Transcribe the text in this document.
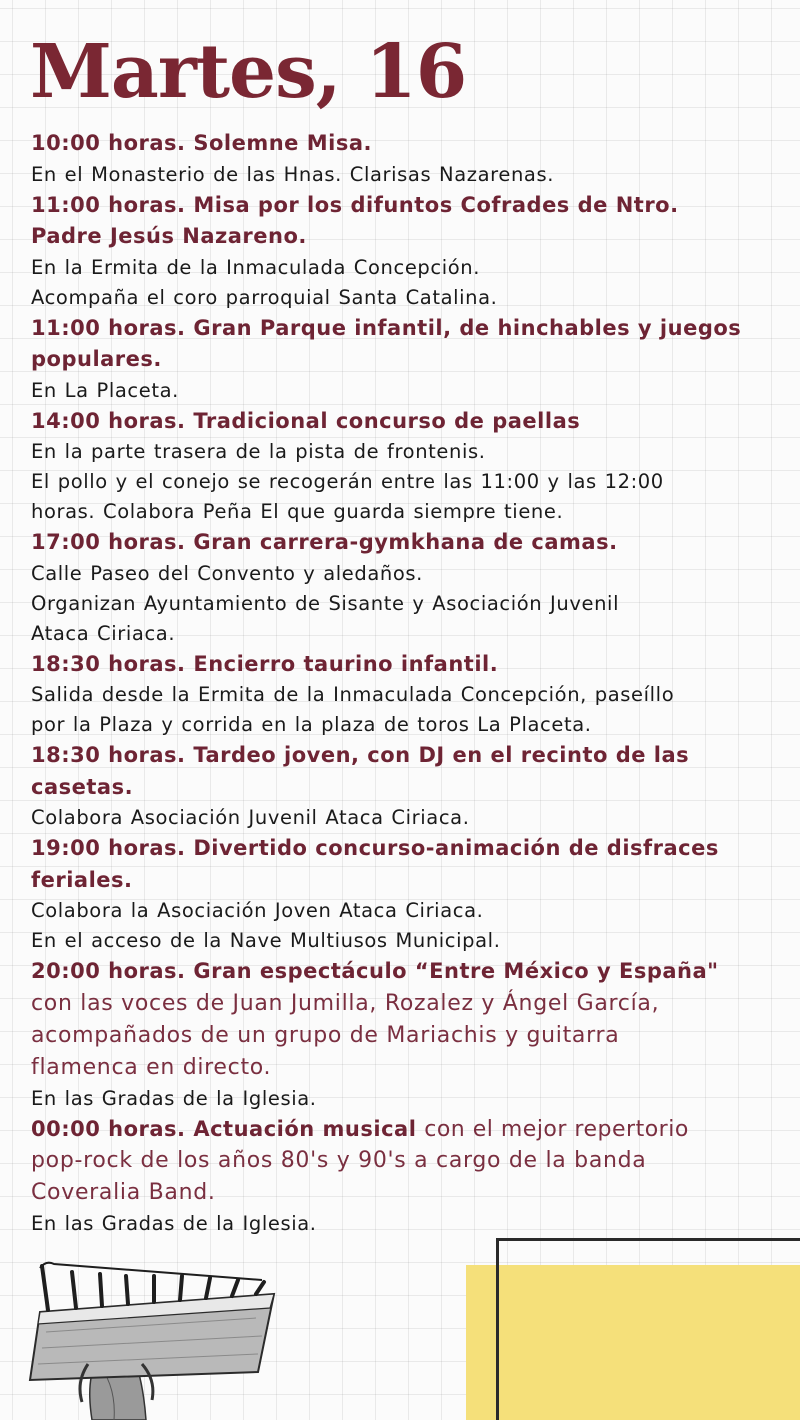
Martes, 16

10:00 horas. Solemne Misa.

En el Monasterio de las Hnas. Clarisas Nazarenas.

11:00 horas. Misa por los difuntos Cofrades de Ntro.

Padre Jesús Nazareno.

En la Ermita de la Inmaculada Concepción.

Acompaña el coro parroquial Santa Catalina.

11:00 horas. Gran Parque infantil, de hinchables y juegos

populares.

En La Placeta.

14:00 horas. Tradicional concurso de paellas

En la parte trasera de la pista de frontenis.

El pollo y el conejo se recogerán entre las 11:00 y las 12:00

horas. Colabora Peña El que guarda siempre tiene.

17:00 horas. Gran carrera-gymkhana de camas.

Calle Paseo del Convento y aledaños.

Organizan Ayuntamiento de Sisante y Asociación Juvenil

Ataca Ciriaca.

18:30 horas. Encierro taurino infantil.

Salida desde la Ermita de la Inmaculada Concepción, paseíllo

por la Plaza y corrida en la plaza de toros La Placeta.

18:30 horas. Tardeo joven, con DJ en el recinto de las

casetas.

Colabora Asociación Juvenil Ataca Ciriaca.

19:00 horas. Divertido concurso-animación de disfraces

feriales.

Colabora la Asociación Joven Ataca Ciriaca.

En el acceso de la Nave Multiusos Municipal.

20:00 horas. Gran espectáculo “Entre México y España"

con las voces de Juan Jumilla, Rozalez y Ángel García,

acompañados de un grupo de Mariachis y guitarra

flamenca en directo.

En las Gradas de la Iglesia.

00:00 horas. Actuación musical con el mejor repertorio

pop-rock de los años 80's y 90's a cargo de la banda

Coveralia Band.

En las Gradas de la Iglesia.
